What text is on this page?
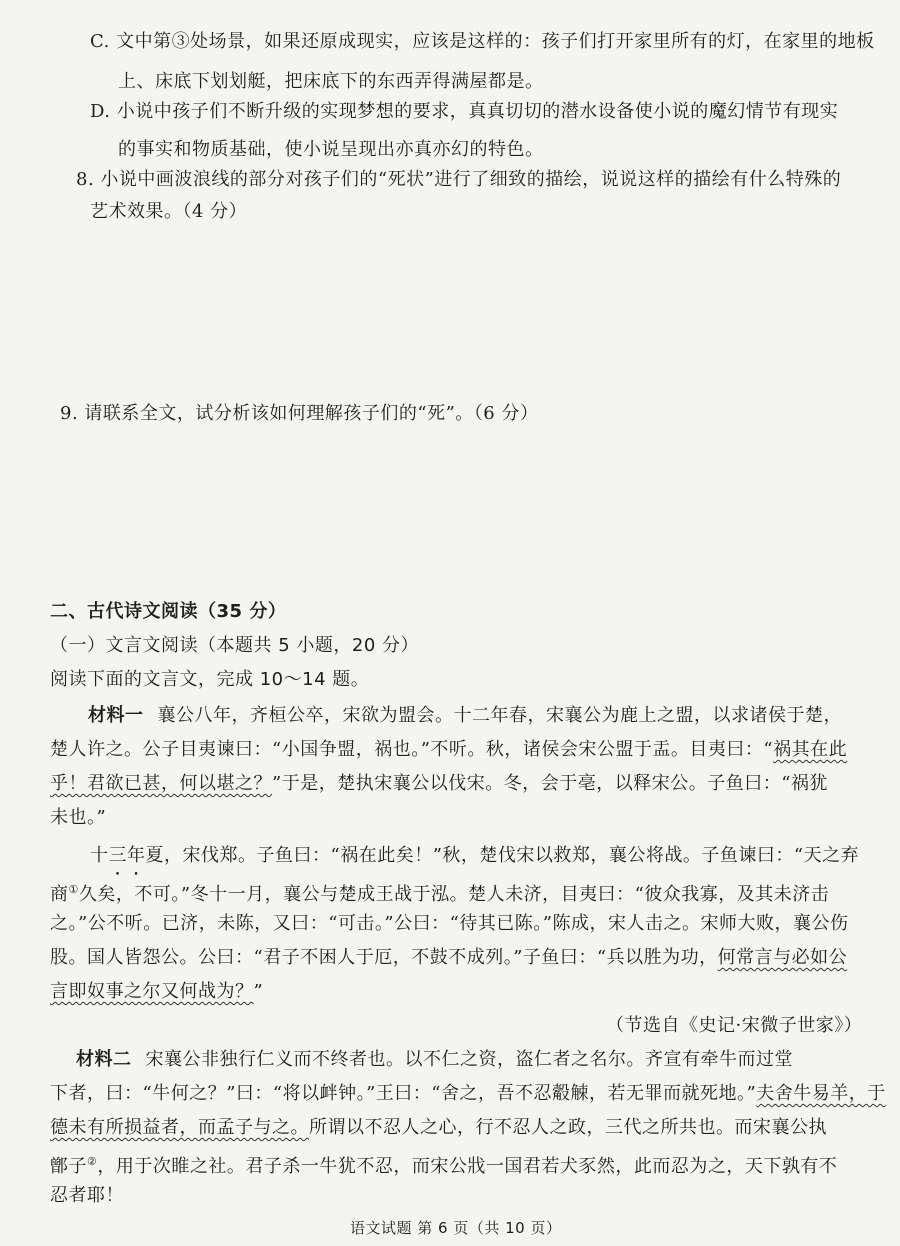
C. 文中第③处场景，如果还原成现实，应该是这样的：孩子们打开家里所有的灯，在家里的地板
上、床底下划划艇，把床底下的东西弄得满屋都是。
D. 小说中孩子们不断升级的实现梦想的要求，真真切切的潜水设备使小说的魔幻情节有现实
的事实和物质基础，使小说呈现出亦真亦幻的特色。
8. 小说中画波浪线的部分对孩子们的“死状”进行了细致的描绘，说说这样的描绘有什么特殊的
艺术效果。（4 分）
9. 请联系全文，试分析该如何理解孩子们的“死”。（6 分）
二、古代诗文阅读（35 分）
（一）文言文阅读（本题共 5 小题，20 分）
阅读下面的文言文，完成 10～14 题。
材料一 襄公八年，齐桓公卒，宋欲为盟会。十二年春，宋襄公为鹿上之盟，以求诸侯于楚，
楚人许之。公子目夷谏曰：“小国争盟，祸也。”不听。秋，诸侯会宋公盟于盂。目夷曰：“祸其在此
乎！君欲已甚，何以堪之？”于是，楚执宋襄公以伐宋。冬，会于亳，以释宋公。子鱼曰：“祸犹
未也。”
十三年夏，宋伐郑。子鱼曰：“祸在此矣！”秋，楚伐宋以救郑，襄公将战。子鱼谏曰：“天之弃
商①久矣，不可。”冬十一月，襄公与楚成王战于泓。楚人未济，目夷曰：“彼众我寡，及其未济击
之。”公不听。已济，未陈，又曰：“可击。”公曰：“待其已陈。”陈成，宋人击之。宋师大败，襄公伤
股。国人皆怨公。公曰：“君子不困人于厄，不鼓不成列。”子鱼曰：“兵以胜为功，何常言与必如公
言即奴事之尔又何战为？”
（节选自《史记·宋微子世家》）
材料二 宋襄公非独行仁义而不终者也。以不仁之资，盗仁者之名尔。齐宣有牵牛而过堂
下者，曰：“牛何之？”曰：“将以衅钟。”王曰：“舍之，吾不忍觳觫，若无罪而就死地。”夫舍牛易羊，于
德未有所损益者，而孟子与之。所谓以不忍人之心，行不忍人之政，三代之所共也。而宋襄公执
鄫子②，用于次睢之社。君子杀一牛犹不忍，而宋公戕一国君若犬豕然，此而忍为之，天下孰有不
忍者耶！
语文试题 第 6 页（共 10 页）
